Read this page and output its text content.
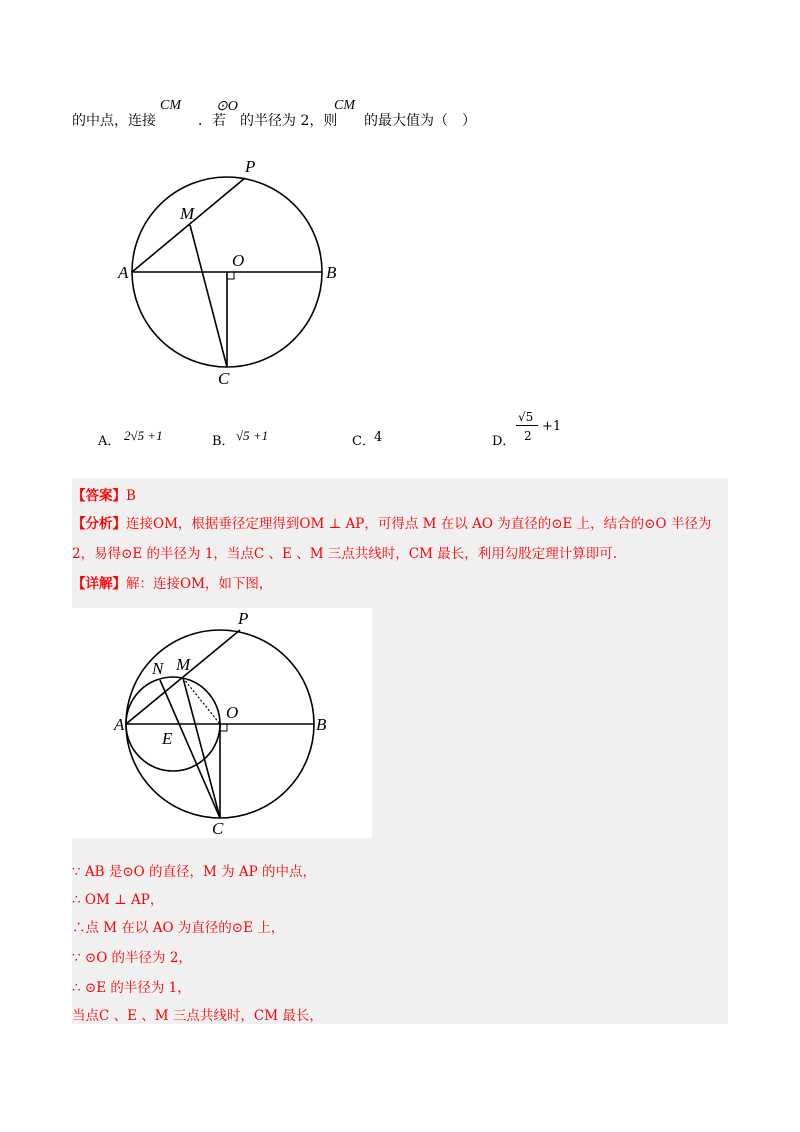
的中点，连接
CM
．若
⊙O
的半径为 2，则
CM
的最大值为（　）
P
M
A
O
B
C
A． 2√5 +1	B． √5 +1	C． 4	D．
√5
2
+1
【答案】B
【分析】连接OM，根据垂径定理得到OM ⊥ AP，可得点 M 在以 AO 为直径的⊙E 上，结合的⊙O 半径为
2，易得⊙E 的半径为 1，当点C 、E 、M 三点共线时，CM 最长，利用勾股定理计算即可.
【详解】解：连接OM，如下图，
P
N M
A
O
E
B
C
∵ AB 是⊙O 的直径，M 为 AP 的中点，
∴ OM ⊥ AP，
∴点 M 在以 AO 为直径的⊙E 上，
∵ ⊙O 的半径为 2，
∴ ⊙E 的半径为 1，
当点C 、E 、M 三点共线时，CM 最长，
